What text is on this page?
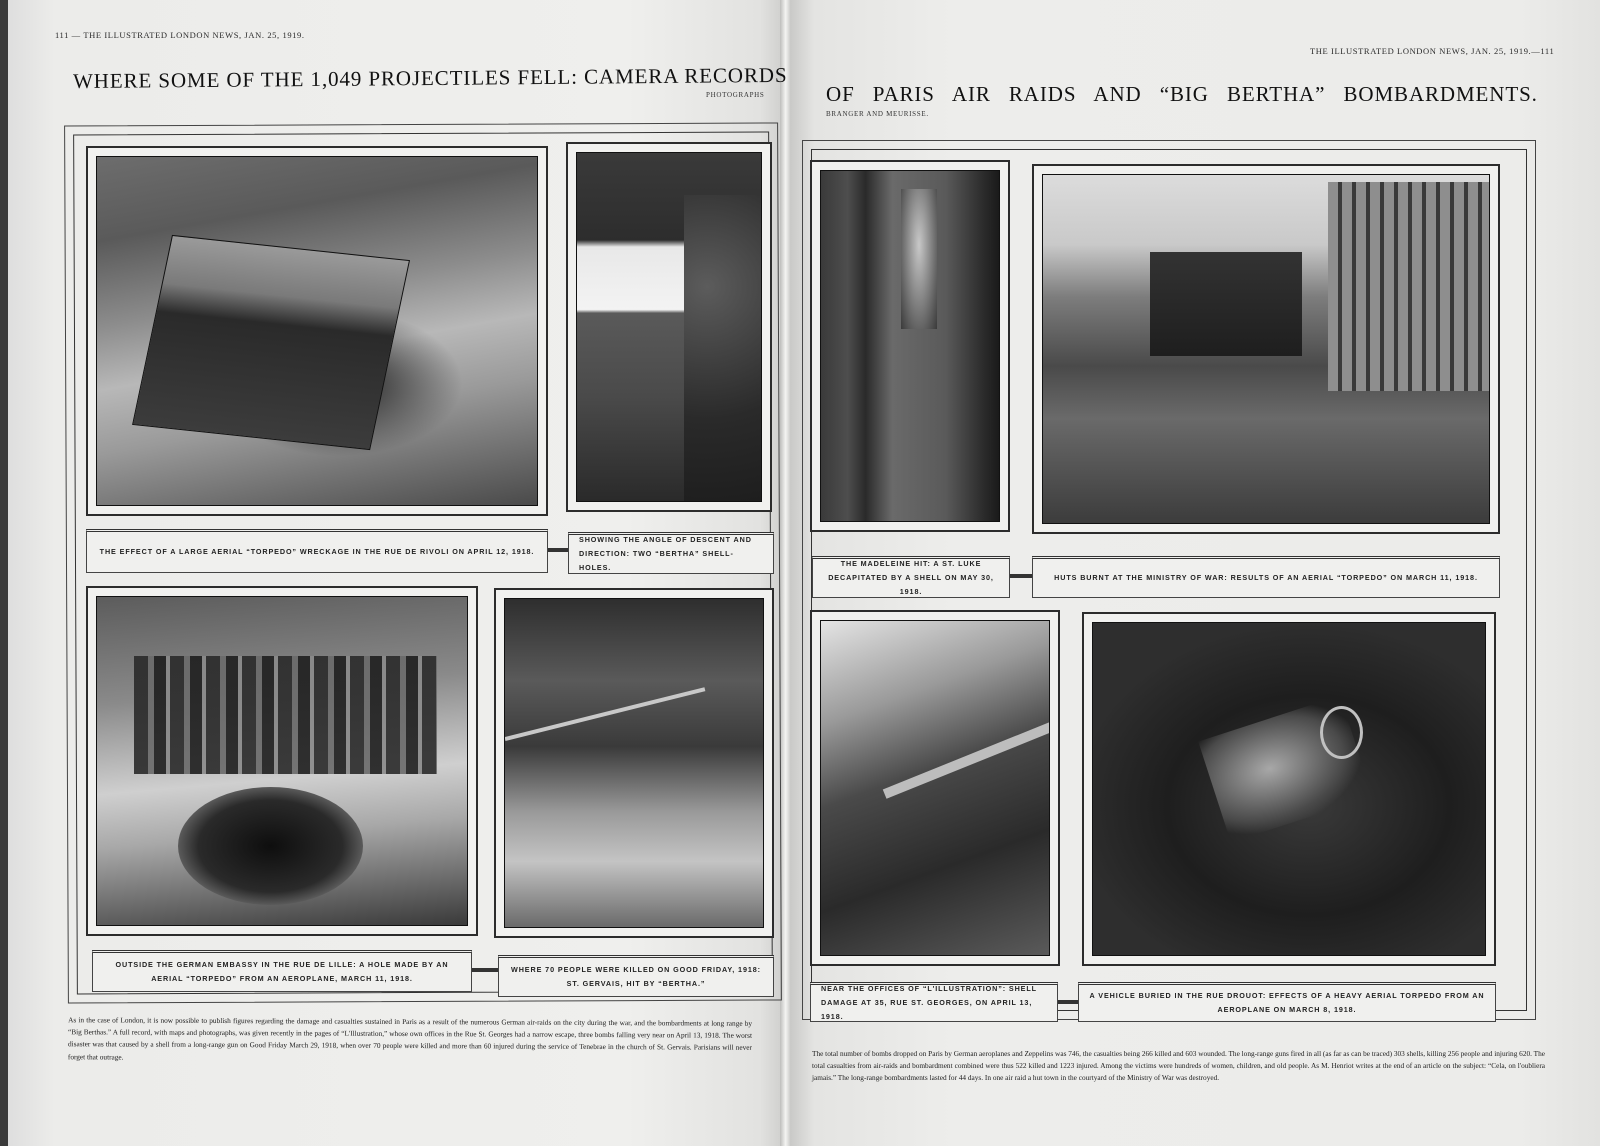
111 — THE ILLUSTRATED LONDON NEWS, JAN. 25, 1919.
WHERE SOME OF THE 1,049 PROJECTILES FELL: CAMERA RECORDS
PHOTOGRAPHS

THE EFFECT OF A LARGE AERIAL “TORPEDO” WRECKAGE IN THE RUE DE RIVOLI ON APRIL 12, 1918.

SHOWING THE ANGLE OF DESCENT AND DIRECTION: TWO “BERTHA” SHELL-HOLES.

OUTSIDE THE GERMAN EMBASSY IN THE RUE DE LILLE: A HOLE MADE BY AN AERIAL “TORPEDO” FROM AN AEROPLANE, MARCH 11, 1918.

WHERE 70 PEOPLE WERE KILLED ON GOOD FRIDAY, 1918: ST. GERVAIS, HIT BY “BERTHA.”

As in the case of London, it is now possible to publish figures regarding the damage and casualties sustained in Paris as a result of the numerous German air-raids on the city during the war, and the bombardments at long range by “Big Berthas.” A full record, with maps and photographs, was given recently in the pages of “L'Illustration,” whose own offices in the Rue St. Georges had a narrow escape, three bombs falling very near on April 13, 1918. The worst disaster was that caused by a shell from a long-range gun on Good Friday March 29, 1918, when over 70 people were killed and more than 60 injured during the service of Tenebrae in the church of St. Gervais. Parisians will never forget that outrage.

THE ILLUSTRATED LONDON NEWS, JAN. 25, 1919.—111
OF PARIS AIR RAIDS AND “BIG BERTHA” BOMBARDMENTS.
BRANGER AND MEURISSE.

THE MADELEINE HIT: A ST. LUKE DECAPITATED BY A SHELL ON MAY 30, 1918.

HUTS BURNT AT THE MINISTRY OF WAR: RESULTS OF AN AERIAL “TORPEDO” ON MARCH 11, 1918.

NEAR THE OFFICES OF “L'ILLUSTRATION”: SHELL DAMAGE AT 35, RUE ST. GEORGES, ON APRIL 13, 1918.

A VEHICLE BURIED IN THE RUE DROUOT: EFFECTS OF A HEAVY AERIAL TORPEDO FROM AN AEROPLANE ON MARCH 8, 1918.

The total number of bombs dropped on Paris by German aeroplanes and Zeppelins was 746, the casualties being 266 killed and 603 wounded. The long-range guns fired in all (as far as can be traced) 303 shells, killing 256 people and injuring 620. The total casualties from air-raids and bombardment combined were thus 522 killed and 1223 injured. Among the victims were hundreds of women, children, and old people. As M. Henriot writes at the end of an article on the subject: “Cela, on l'oubliera jamais.” The long-range bombardments lasted for 44 days. In one air raid a hut town in the courtyard of the Ministry of War was destroyed.
